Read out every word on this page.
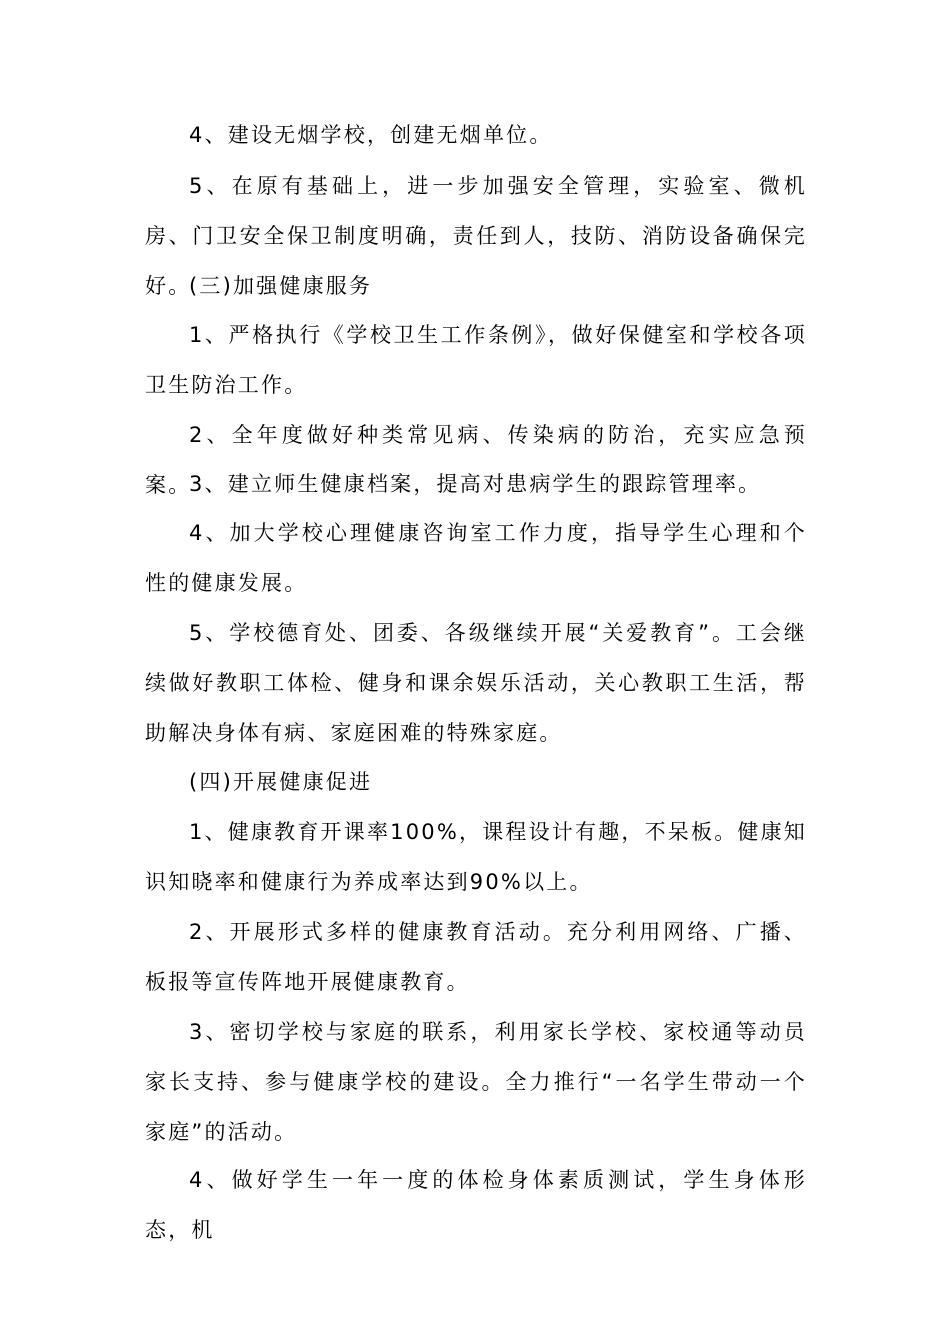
4、建设无烟学校，创建无烟单位。

5、在原有基础上，进一步加强安全管理，实验室、微机房、门卫安全保卫制度明确，责任到人，技防、消防设备确保完好。

(三)加强健康服务

1、严格执行《学校卫生工作条例》，做好保健室和学校各项卫生防治工作。

2、全年度做好种类常见病、传染病的防治，充实应急预案。

3、建立师生健康档案，提高对患病学生的跟踪管理率。

4、加大学校心理健康咨询室工作力度，指导学生心理和个性的健康发展。

5、学校德育处、团委、各级继续开展“关爱教育”。工会继续做好教职工体检、健身和课余娱乐活动，关心教职工生活，帮助解决身体有病、家庭困难的特殊家庭。

(四)开展健康促进

1、健康教育开课率100%，课程设计有趣，不呆板。健康知识知晓率和健康行为养成率达到90%以上。

2、开展形式多样的健康教育活动。充分利用网络、广播、板报等宣传阵地开展健康教育。

3、密切学校与家庭的联系，利用家长学校、家校通等动员家长支持、参与健康学校的建设。全力推行“一名学生带动一个家庭”的活动。

4、做好学生一年一度的体检身体素质测试，学生身体形态，机
